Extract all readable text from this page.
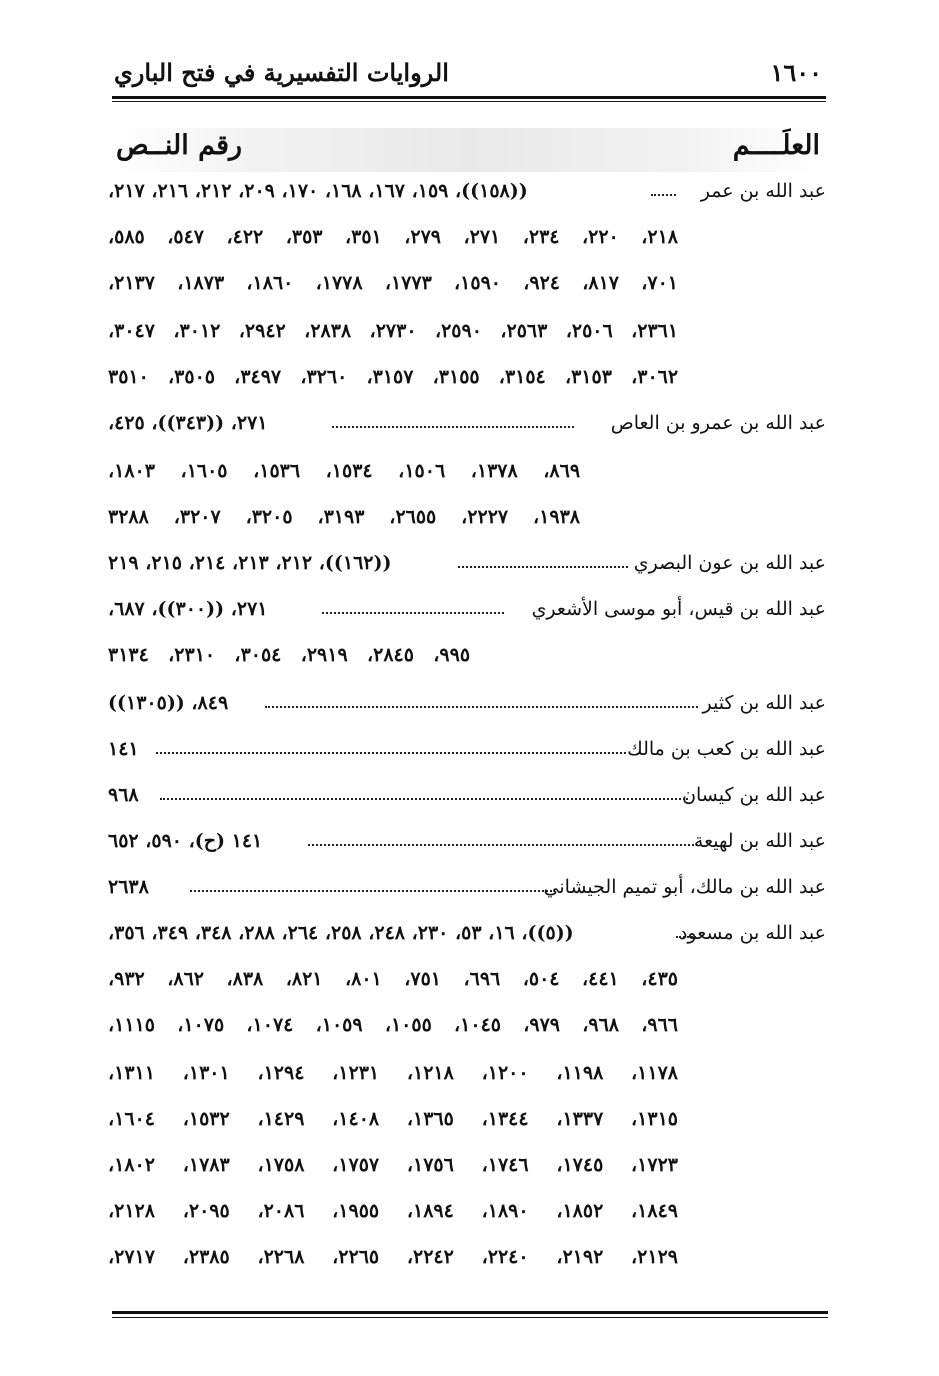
١٦٠٠
الروايات التفسيرية في فتح الباري
العلَــــم
رقم النــص
عبد الله بن عمر
((١٥٨))، ١٥٩، ١٦٧، ١٦٨، ١٧٠، ٢٠٩، ٢١٢، ٢١٦، ٢١٧،
٢١٨، ٢٢٠، ٢٣٤، ٢٧١، ٢٧٩، ٣٥١، ٣٥٣، ٤٢٢، ٥٤٧، ٥٨٥،
٧٠١، ٨١٧، ٩٢٤، ١٥٩٠، ١٧٧٣، ١٧٧٨، ١٨٦٠، ١٨٧٣، ٢١٣٧،
٢٣٦١، ٢٥٠٦، ٢٥٦٣، ٢٥٩٠، ٢٧٣٠، ٢٨٣٨، ٢٩٤٢، ٣٠١٢، ٣٠٤٧،
٣٠٦٢، ٣١٥٣، ٣١٥٤، ٣١٥٥، ٣١٥٧، ٣٢٦٠، ٣٤٩٧، ٣٥٠٥، ٣٥١٠
عبد الله بن عمرو بن العاص
٢٧١، ((٣٤٣))، ٤٢٥،
٨٦٩، ١٣٧٨، ١٥٠٦، ١٥٣٤، ١٥٣٦، ١٦٠٥، ١٨٠٣،
١٩٣٨، ٢٢٢٧، ٢٦٥٥، ٣١٩٣، ٣٢٠٥، ٣٢٠٧، ٣٢٨٨
عبد الله بن عون البصري
((١٦٢))، ٢١٢، ٢١٣، ٢١٤، ٢١٥، ٢١٩
عبد الله بن قيس، أبو موسى الأشعري
٢٧١، ((٣٠٠))، ٦٨٧،
٩٩٥، ٢٨٤٥، ٢٩١٩، ٣٠٥٤، ٢٣١٠، ٣١٣٤
عبد الله بن كثير
٨٤٩، ((١٣٠٥))
عبد الله بن كعب بن مالك
١٤١
عبد الله بن كيسان
٩٦٨
عبد الله بن لهيعة
١٤١ (ح)، ٥٩٠، ٦٥٢
عبد الله بن مالك، أبو تميم الجيشاني
٢٦٣٨
عبد الله بن مسعود
((٥))، ١٦، ٥٣، ٢٣٠، ٢٤٨، ٢٥٨، ٢٦٤، ٢٨٨، ٣٤٨، ٣٤٩، ٣٥٦،
٤٣٥، ٤٤١، ٥٠٤، ٦٩٦، ٧٥١، ٨٠١، ٨٢١، ٨٣٨، ٨٦٢، ٩٣٢،
٩٦٦، ٩٦٨، ٩٧٩، ١٠٤٥، ١٠٥٥، ١٠٥٩، ١٠٧٤، ١٠٧٥، ١١١٥،
١١٧٨، ١١٩٨، ١٢٠٠، ١٢١٨، ١٢٣١، ١٢٩٤، ١٣٠١، ١٣١١،
١٣١٥، ١٣٣٧، ١٣٤٤، ١٣٦٥، ١٤٠٨، ١٤٢٩، ١٥٣٢، ١٦٠٤،
١٧٢٣، ١٧٤٥، ١٧٤٦، ١٧٥٦، ١٧٥٧، ١٧٥٨، ١٧٨٣، ١٨٠٢،
١٨٤٩، ١٨٥٢، ١٨٩٠، ١٨٩٤، ١٩٥٥، ٢٠٨٦، ٢٠٩٥، ٢١٢٨،
٢١٢٩، ٢١٩٢، ٢٢٤٠، ٢٢٤٢، ٢٢٦٥، ٢٢٦٨، ٢٣٨٥، ٢٧١٧،
